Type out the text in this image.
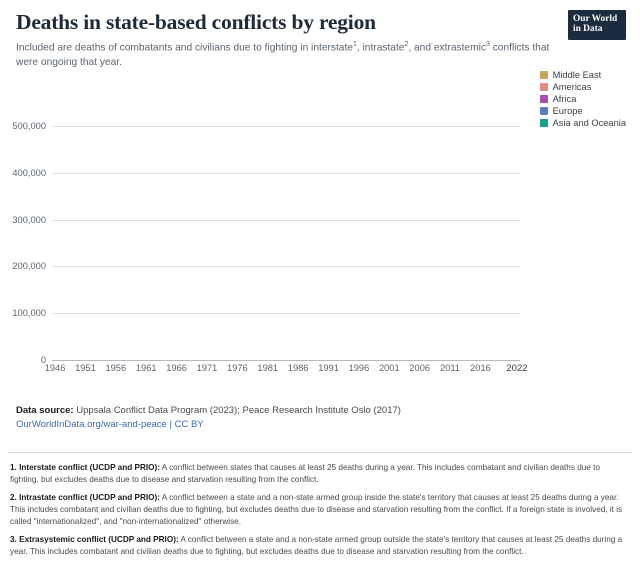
Deaths in state-based conflicts by region

Included are deaths of combatants and civilians due to fighting in interstate$^1$, intrastate$^2$, and extrastemic$^3$ conflicts that were ongoing that year.

Our World
in Data
Middle East
Americas
Africa
Europe
Asia and Oceania
0
100,000
200,000
300,000
400,000
500,000
1946 1951 1956 1961 1966 1971 1976 1981 1986 1991 1996 2001 2006 2011 2016 2022
Data source: Uppsala Conflict Data Program (2023); Peace Research Institute Oslo (2017)
OurWorldInData.org/war-and-peace | CC BY
1. Interstate conflict (UCDP and PRIO): A conflict between states that causes at least 25 deaths during a year. This includes combatant and civilian deaths due to fighting, but excludes deaths due to disease and starvation resulting from the conflict.
2. Intrastate conflict (UCDP and PRIO): A conflict between a state and a non-state armed group inside the state's territory that causes at least 25 deaths during a year. This includes combatant and civilian deaths due to fighting, but excludes deaths due to disease and starvation resulting from the conflict. If a foreign state is involved, it is called "internationalized", and "non-internationalized" otherwise.
3. Extrasystemic conflict (UCDP and PRIO): A conflict between a state and a non-state armed group outside the state's territory that causes at least 25 deaths during a year. This includes combatant and civilian deaths due to fighting, but excludes deaths due to disease and starvation resulting from the conflict.
